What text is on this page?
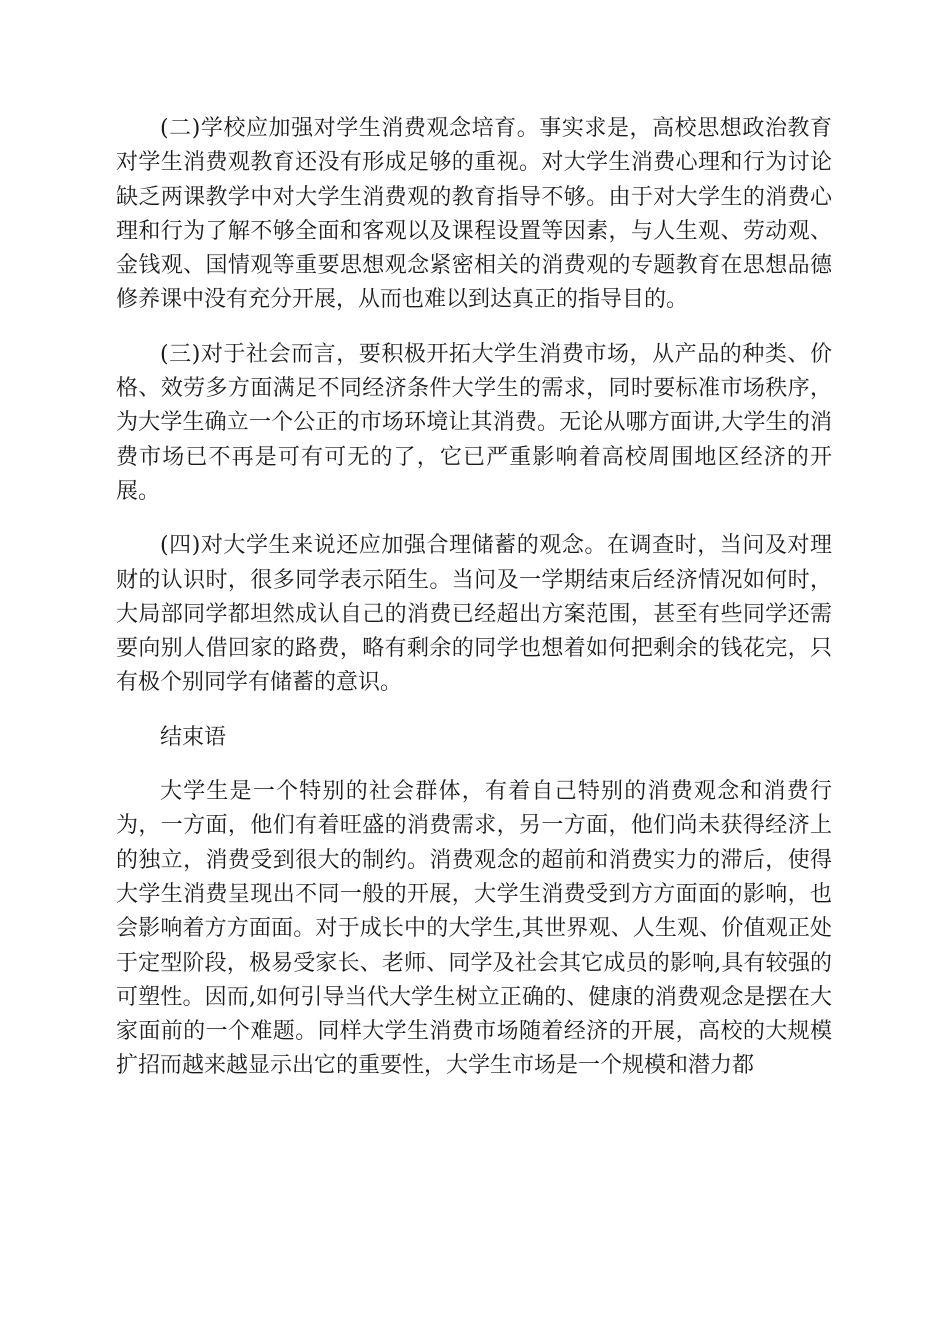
(二)学校应加强对学生消费观念培育。事实求是，高校思想政治教育对学生消费观教育还没有形成足够的重视。对大学生消费心理和行为讨论缺乏两课教学中对大学生消费观的教育指导不够。由于对大学生的消费心理和行为了解不够全面和客观以及课程设置等因素，与人生观、劳动观、金钱观、国情观等重要思想观念紧密相关的消费观的专题教育在思想品德修养课中没有充分开展，从而也难以到达真正的指导目的。

(三)对于社会而言，要积极开拓大学生消费市场，从产品的种类、价格、效劳多方面满足不同经济条件大学生的需求，同时要标准市场秩序，为大学生确立一个公正的市场环境让其消费。无论从哪方面讲,大学生的消费市场已不再是可有可无的了，它已严重影响着高校周围地区经济的开展。

(四)对大学生来说还应加强合理储蓄的观念。在调查时，当问及对理财的认识时，很多同学表示陌生。当问及一学期结束后经济情况如何时，大局部同学都坦然成认自己的消费已经超出方案范围，甚至有些同学还需要向别人借回家的路费，略有剩余的同学也想着如何把剩余的钱花完，只有极个别同学有储蓄的意识。

结束语

大学生是一个特别的社会群体，有着自己特别的消费观念和消费行为，一方面，他们有着旺盛的消费需求，另一方面，他们尚未获得经济上的独立，消费受到很大的制约。消费观念的超前和消费实力的滞后，使得大学生消费呈现出不同一般的开展，大学生消费受到方方面面的影响，也会影响着方方面面。对于成长中的大学生,其世界观、人生观、价值观正处于定型阶段，极易受家长、老师、同学及社会其它成员的影响,具有较强的可塑性。因而,如何引导当代大学生树立正确的、健康的消费观念是摆在大家面前的一个难题。同样大学生消费市场随着经济的开展，高校的大规模扩招而越来越显示出它的重要性，大学生市场是一个规模和潜力都
